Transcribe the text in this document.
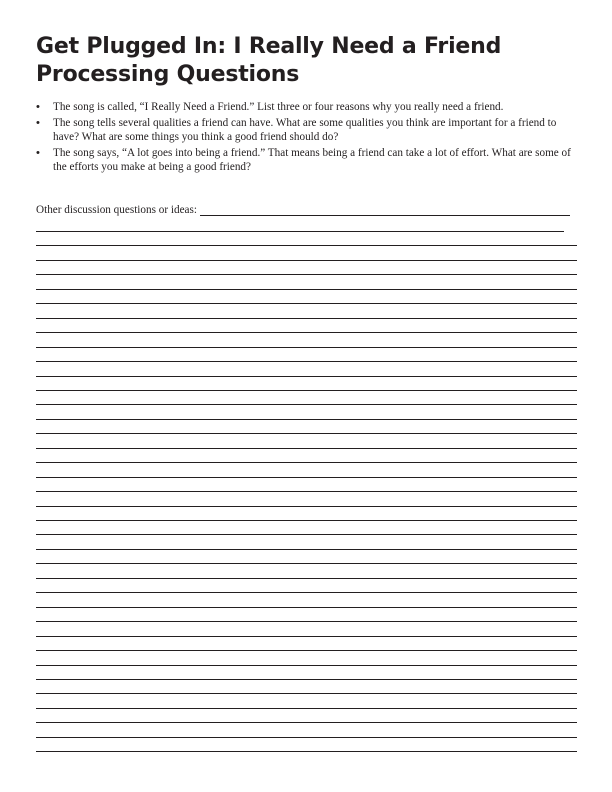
Get Plugged In: I Really Need a Friend
Processing Questions
• The song is called, “I Really Need a Friend.” List three or four reasons why you really need a friend.
• The song tells several qualities a friend can have. What are some qualities you think are important for a friend to have? What are some things you think a good friend should do?
• The song says, “A lot goes into being a friend.” That means being a friend can take a lot of effort. What are some of the efforts you make at being a good friend?
Other discussion questions or ideas:
